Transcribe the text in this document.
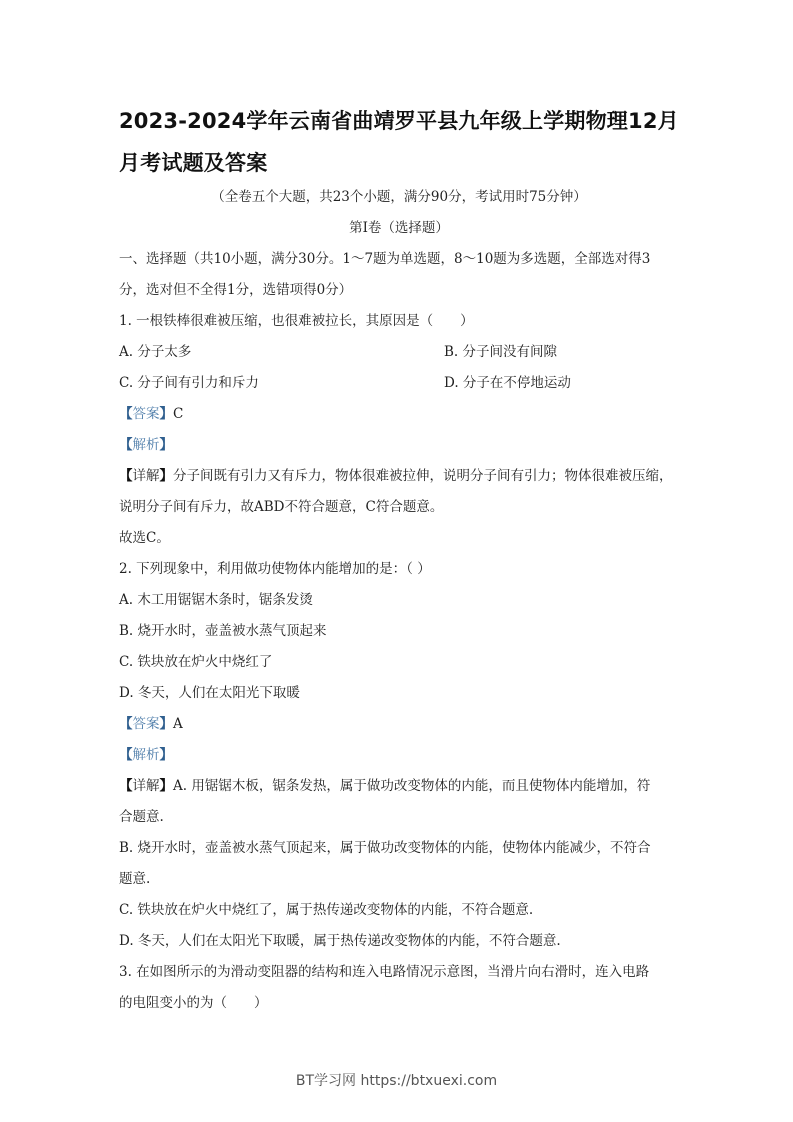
2023-2024学年云南省曲靖罗平县九年级上学期物理12月
月考试题及答案
（全卷五个大题，共23个小题，满分90分，考试用时75分钟）
第Ⅰ卷（选择题）
一、选择题（共10小题，满分30分。1～7题为单选题，8～10题为多选题，全部选对得3
分，选对但不全得1分，选错项得0分）
1. 一根铁棒很难被压缩，也很难被拉长，其原因是（　　）
A. 分子太多	B. 分子间没有间隙
C. 分子间有引力和斥力	D. 分子在不停地运动
【答案】C
【解析】
【详解】分子间既有引力又有斥力，物体很难被拉伸，说明分子间有引力；物体很难被压缩，
说明分子间有斥力，故ABD不符合题意，C符合题意。
故选C。
2. 下列现象中，利用做功使物体内能增加的是：（ ）
A. 木工用锯锯木条时，锯条发烫
B. 烧开水时，壶盖被水蒸气顶起来
C. 铁块放在炉火中烧红了
D. 冬天，人们在太阳光下取暖
【答案】A
【解析】
【详解】A. 用锯锯木板，锯条发热，属于做功改变物体的内能，而且使物体内能增加，符
合题意.
B. 烧开水时，壶盖被水蒸气顶起来，属于做功改变物体的内能，使物体内能减少，不符合
题意.
C. 铁块放在炉火中烧红了，属于热传递改变物体的内能，不符合题意.
D. 冬天，人们在太阳光下取暖，属于热传递改变物体的内能，不符合题意.
3. 在如图所示的为滑动变阻器的结构和连入电路情况示意图，当滑片向右滑时，连入电路
的电阻变小的为（　　）
BT学习网 https://btxuexi.com
